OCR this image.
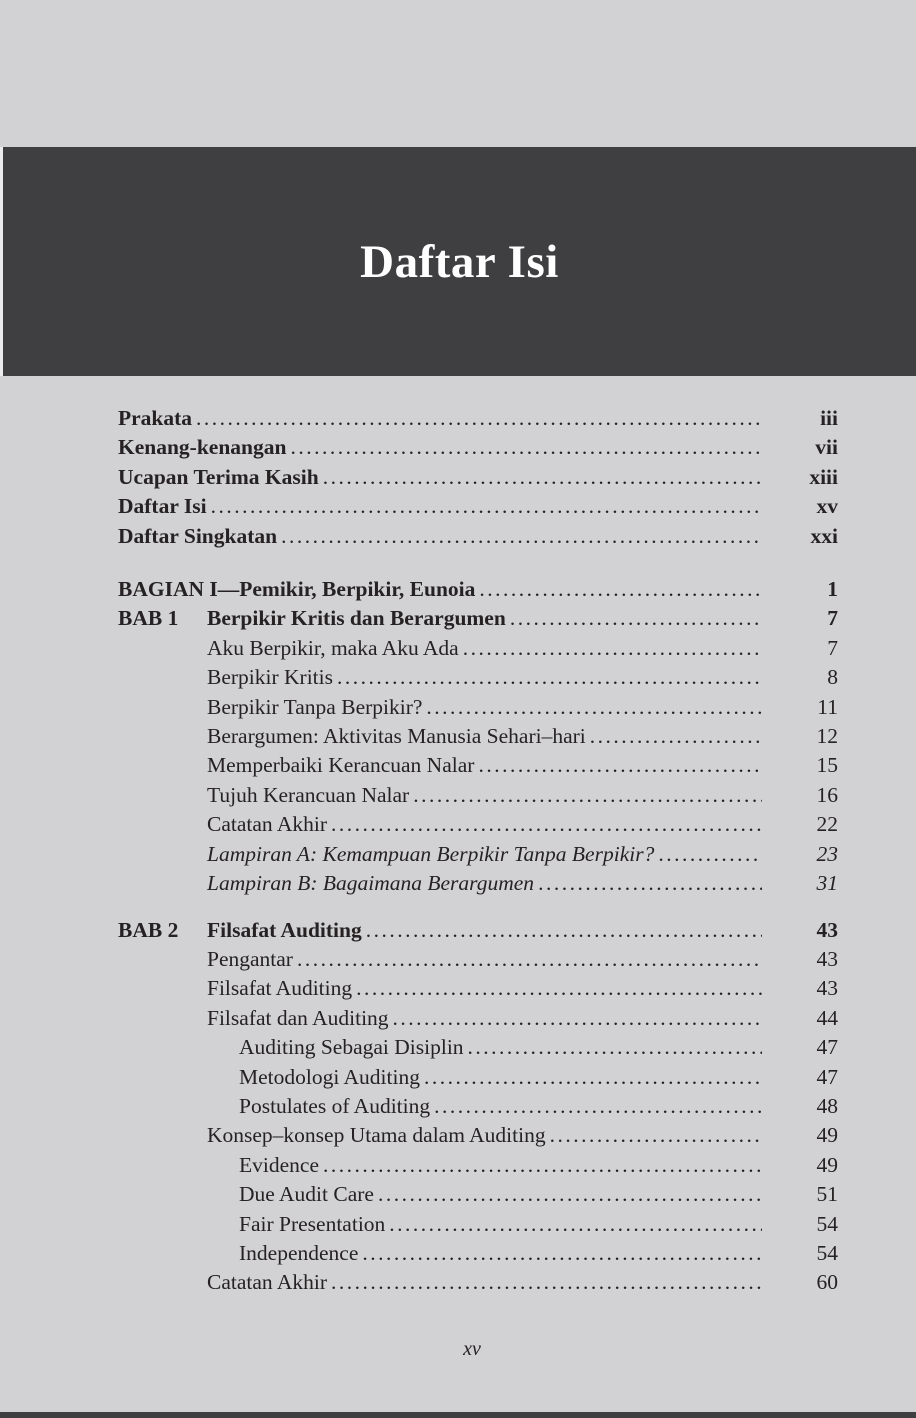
Daftar Isi
Prakata .....	iii
Kenang-kenangan .....	vii
Ucapan Terima Kasih .....	xiii
Daftar Isi .....	xv
Daftar Singkatan .....	xxi
BAGIAN I—Pemikir, Berpikir, Eunoia .....	1
BAB 1	Berpikir Kritis dan Berargumen .....	7
Aku Berpikir, maka Aku Ada .....	7
Berpikir Kritis .....	8
Berpikir Tanpa Berpikir? .....	11
Berargumen: Aktivitas Manusia Sehari–hari .....	12
Memperbaiki Kerancuan Nalar .....	15
Tujuh Kerancuan Nalar .....	16
Catatan Akhir .....	22
Lampiran A: Kemampuan Berpikir Tanpa Berpikir? .....	23
Lampiran B: Bagaimana Berargumen .....	31
BAB 2	Filsafat Auditing .....	43
Pengantar .....	43
Filsafat Auditing .....	43
Filsafat dan Auditing .....	44
Auditing Sebagai Disiplin .....	47
Metodologi Auditing .....	47
Postulates of Auditing .....	48
Konsep–konsep Utama dalam Auditing .....	49
Evidence .....	49
Due Audit Care .....	51
Fair Presentation .....	54
Independence .....	54
Catatan Akhir .....	60
xv
